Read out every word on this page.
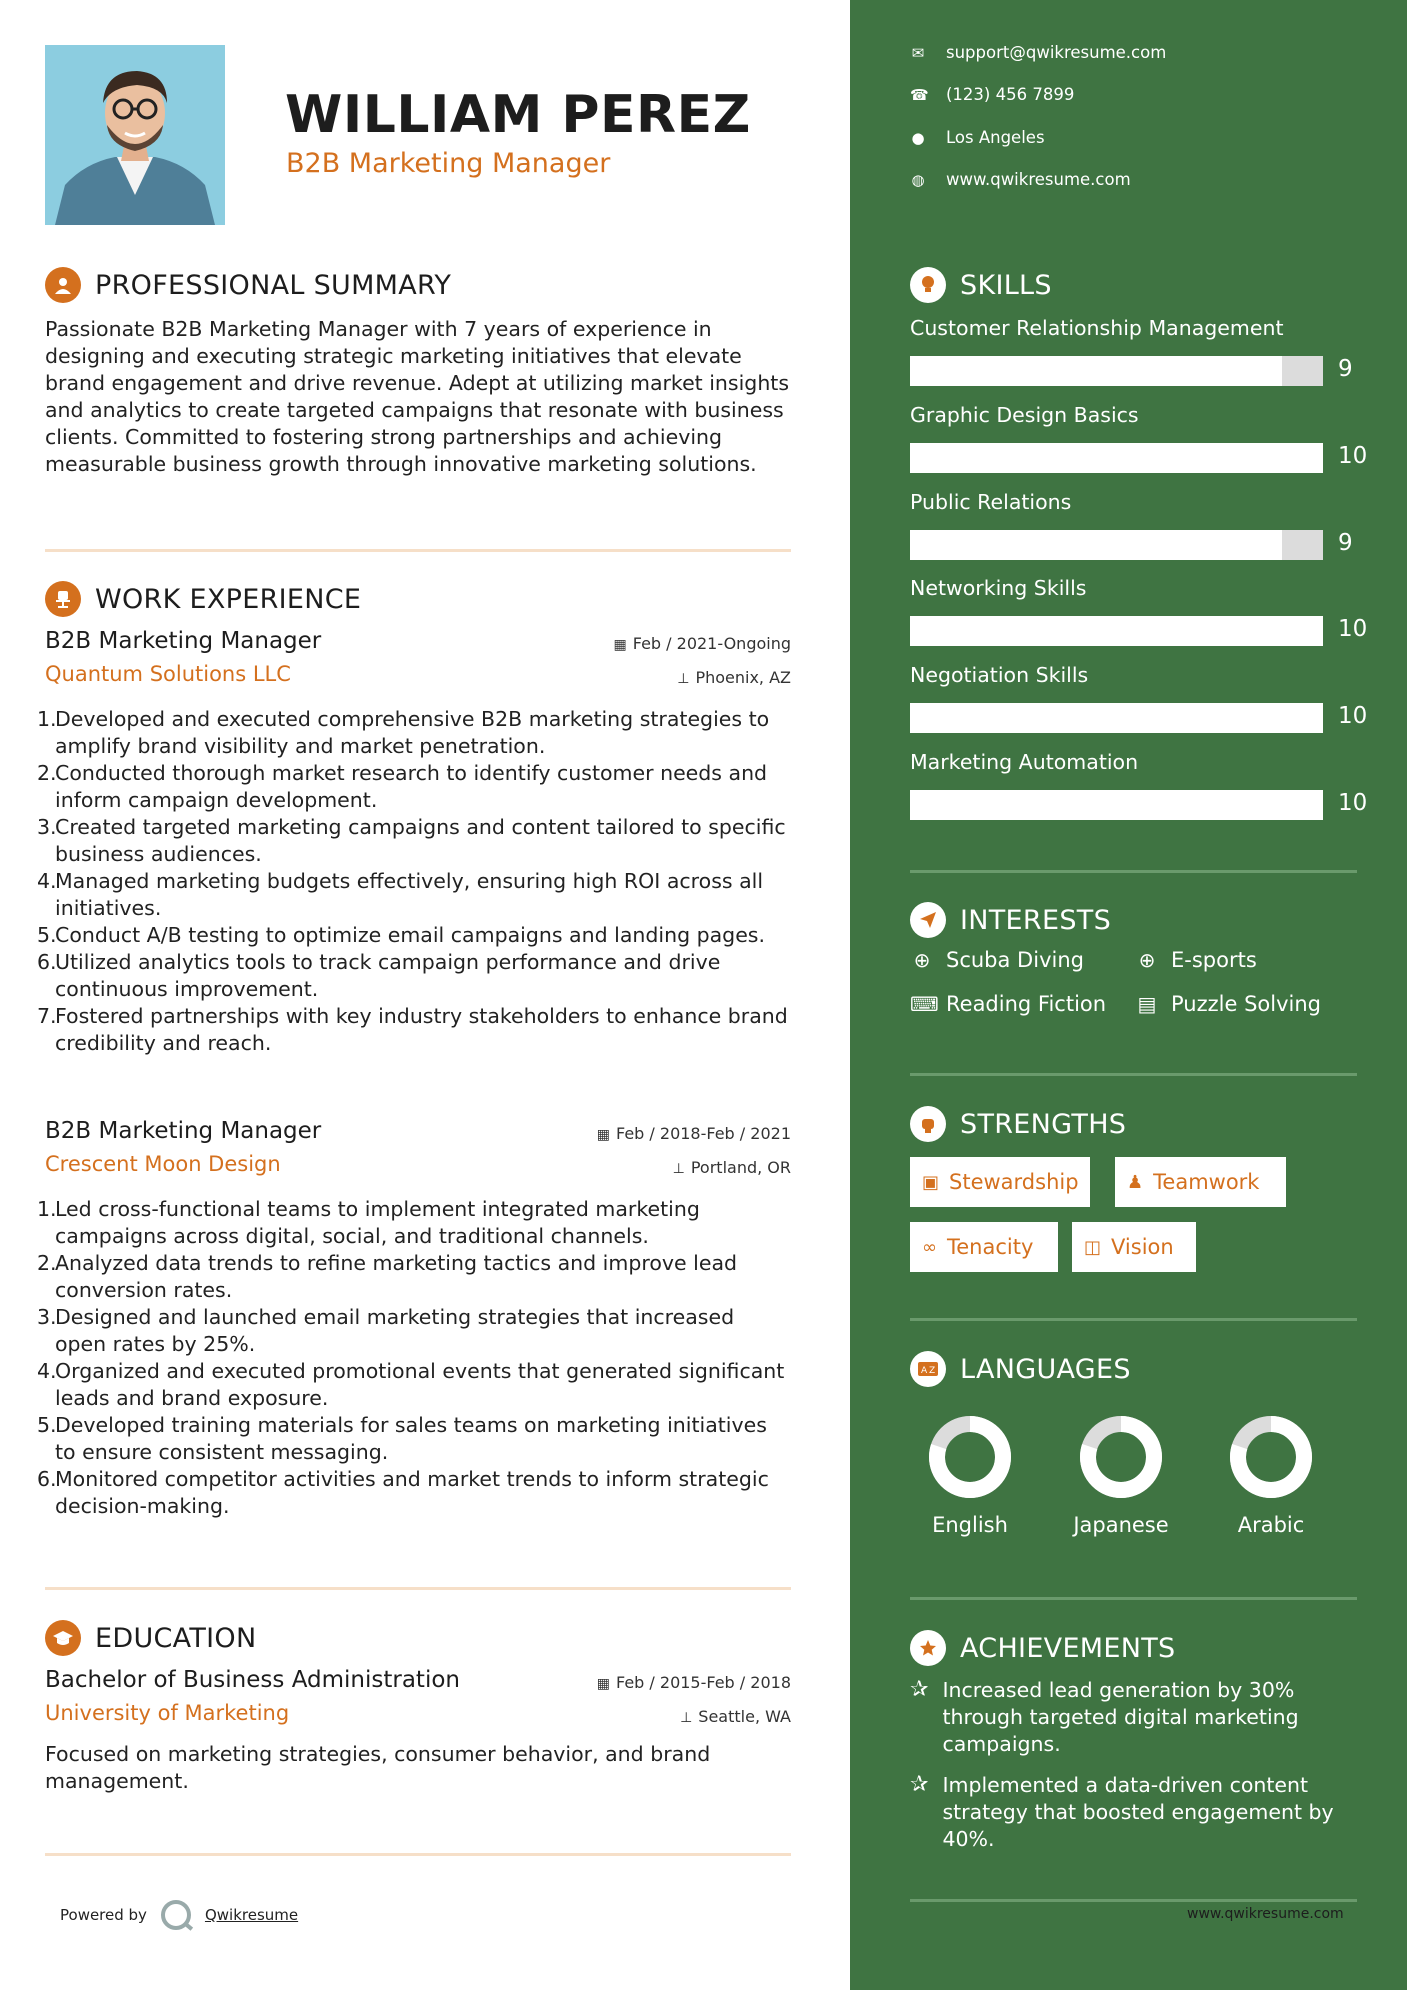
WILLIAM PEREZ
B2B Marketing Manager
PROFESSIONAL SUMMARY
Passionate B2B Marketing Manager with 7 years of experience in designing and executing strategic marketing initiatives that elevate brand engagement and drive revenue. Adept at utilizing market insights and analytics to create targeted campaigns that resonate with business clients. Committed to fostering strong partnerships and achieving measurable business growth through innovative marketing solutions.
WORK EXPERIENCE
B2B Marketing Manager
Quantum Solutions LLC
▦ Feb / 2021-Ongoing
⊥ Phoenix, AZ
1.
Developed and executed comprehensive B2B marketing strategies to amplify brand visibility and market penetration.
2.
Conducted thorough market research to identify customer needs and inform campaign development.
3.
Created targeted marketing campaigns and content tailored to specific business audiences.
4.
Managed marketing budgets effectively, ensuring high ROI across all initiatives.
5.
Conduct A/B testing to optimize email campaigns and landing pages.
6.
Utilized analytics tools to track campaign performance and drive continuous improvement.
7.
Fostered partnerships with key industry stakeholders to enhance brand credibility and reach.
B2B Marketing Manager
Crescent Moon Design
▦ Feb / 2018-Feb / 2021
⊥ Portland, OR
1.
Led cross-functional teams to implement integrated marketing campaigns across digital, social, and traditional channels.
2.
Analyzed data trends to refine marketing tactics and improve lead conversion rates.
3.
Designed and launched email marketing strategies that increased open rates by 25%.
4.
Organized and executed promotional events that generated significant leads and brand exposure.
5.
Developed training materials for sales teams on marketing initiatives to ensure consistent messaging.
6.
Monitored competitor activities and market trends to inform strategic decision-making.
EDUCATION
Bachelor of Business Administration
University of Marketing
▦ Feb / 2015-Feb / 2018
⊥ Seattle, WA
Focused on marketing strategies, consumer behavior, and brand management.
Powered by	Qwikresume
✉ support@qwikresume.com
☎ (123) 456 7899
● Los Angeles
◍ www.qwikresume.com
SKILLS
Customer Relationship Management
9
Graphic Design Basics
10
Public Relations
9
Networking Skills
10
Negotiation Skills
10
Marketing Automation
10
INTERESTS
⊕ Scuba Diving	⊕ E-sports
⌨ Reading Fiction ▤ Puzzle Solving
STRENGTHS
▣ Stewardship	♟ Teamwork
∞ Tenacity	◫ Vision
A Z LANGUAGES
English	Japanese	Arabic
ACHIEVEMENTS
✰ Increased lead generation by 30% through targeted digital marketing campaigns.
✰ Implemented a data-driven content strategy that boosted engagement by 40%.
www.qwikresume.com
